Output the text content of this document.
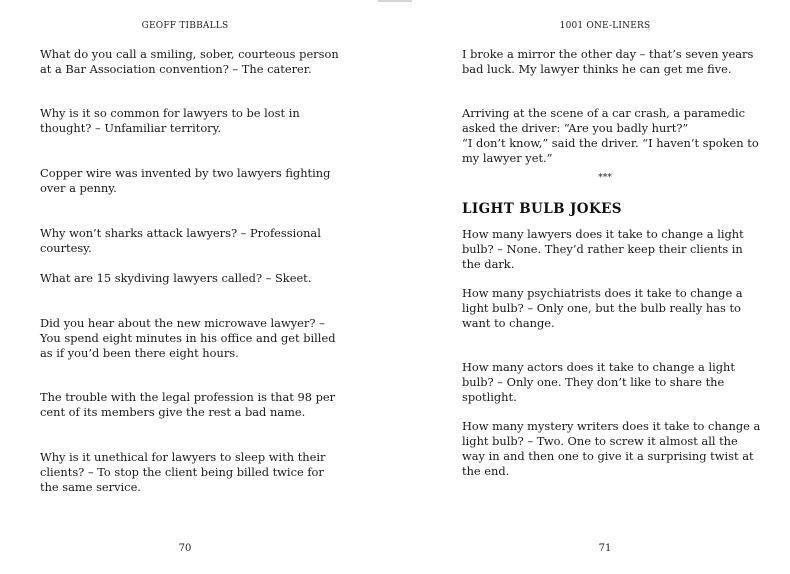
GEOFF TIBBALLS

What do you call a smiling, sober, courteous person at a Bar Association convention? – The caterer.

Why is it so common for lawyers to be lost in thought? – Unfamiliar territory.

Copper wire was invented by two lawyers fighting over a penny.

Why won’t sharks attack lawyers? – Professional courtesy.

What are 15 skydiving lawyers called? – Skeet.

Did you hear about the new microwave lawyer? – You spend eight minutes in his office and get billed as if you’d been there eight hours.

The trouble with the legal profession is that 98 per cent of its members give the rest a bad name.

Why is it unethical for lawyers to sleep with their clients? – To stop the client being billed twice for the same service.

70
1001 ONE-LINERS

I broke a mirror the other day – that’s seven years bad luck. My lawyer thinks he can get me five.

Arriving at the scene of a car crash, a paramedic asked the driver: “Are you badly hurt?”
“I don’t know,” said the driver. “I haven’t spoken to my lawyer yet.”

***
LIGHT BULB JOKES

How many lawyers does it take to change a light bulb? – None. They’d rather keep their clients in the dark.

How many psychiatrists does it take to change a light bulb? – Only one, but the bulb really has to want to change.

How many actors does it take to change a light bulb? – Only one. They don’t like to share the spotlight.

How many mystery writers does it take to change a light bulb? – Two. One to screw it almost all the way in and then one to give it a surprising twist at the end.

71
